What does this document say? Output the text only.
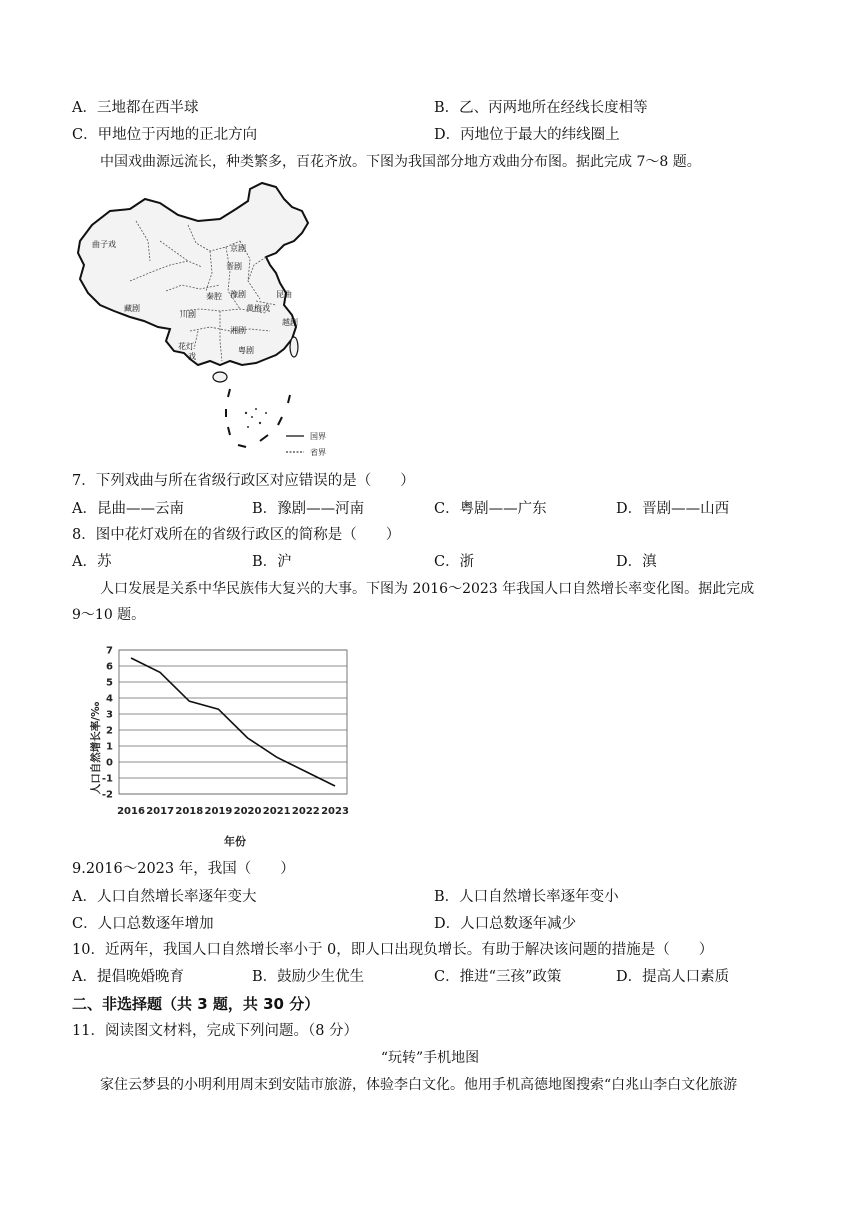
A．三地都在西半球	B．乙、丙两地所在经线长度相等
C．甲地位于丙地的正北方向	D．丙地位于最大的纬线圈上
中国戏曲源远流长，种类繁多，百花齐放。下图为我国部分地方戏曲分布图。据此完成 7～8 题。
曲子戏	京剧
晋剧
秦腔 豫剧
黄梅戏
昆曲
越剧
川剧
湘剧
藏剧
花灯
戏
粤剧
国界
省界
7．下列戏曲与所在省级行政区对应错误的是（　　）
A．昆曲——云南	B．豫剧——河南	C．粤剧——广东	D．晋剧——山西
8．图中花灯戏所在的省级行政区的简称是（　　）
A．苏	B．沪	C．浙	D．滇
人口发展是关系中华民族伟大复兴的大事。下图为 2016～2023 年我国人口自然增长率变化图。据此完成
9～10 题。
7
6
5
4
3
2
1
0
-1
-2
2016 2017 2018 2019 2020 2021 2022 2023
人口自然增长率/‰
年份
9.2016～2023 年，我国（　　）
A．人口自然增长率逐年变大	B．人口自然增长率逐年变小
C．人口总数逐年增加	D．人口总数逐年减少
10．近两年，我国人口自然增长率小于 0，即人口出现负增长。有助于解决该问题的措施是（　　）
A．提倡晚婚晚育	B．鼓励少生优生	C．推进“三孩”政策	D．提高人口素质
二、非选择题（共 3 题，共 30 分）
11．阅读图文材料，完成下列问题。（8 分）
“玩转”手机地图
家住云梦县的小明利用周末到安陆市旅游，体验李白文化。他用手机高德地图搜索“白兆山李白文化旅游
